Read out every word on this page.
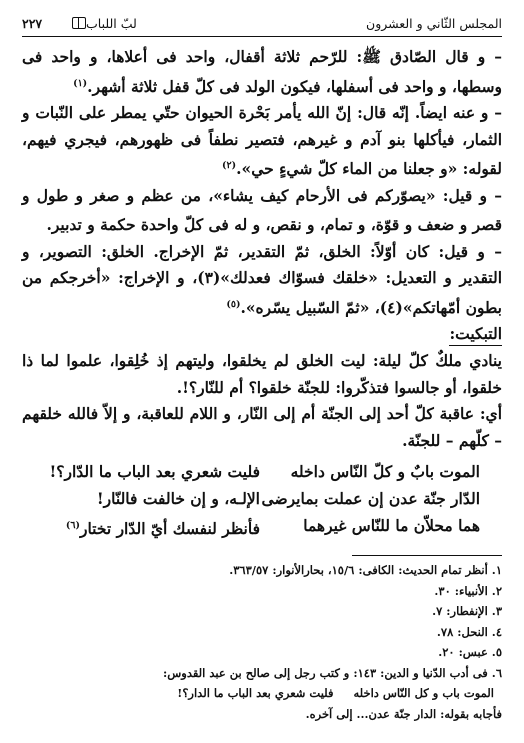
المجلس الثّاني و العشرون
لبّ اللباب
٢٢٧

– و قال الصّادق ﷺ: للرّحم ثلاثة أقفال، واحد فى أعلاها، و واحد فى وسطها، و واحد فى أسفلها، فيكون الولد فى كلّ قفل ثلاثة أشهر.$^{(١)}$

– و عنه ايضاً. إنّه قال: إنّ الله يأمر بَحْرة الحيوان حتّي يمطر على النّبات و الثمار، فيأكلها بنو آدم و غيرهم، فتصير نطفاً فى ظهورهم، فيجري فيهم، لقوله: «و جعلنا من الماء كلّ شيءٍ حي».$^{(٢)}$

– و قيل: «يصوّركم فى الأرحام كيف يشاء»، من عظم و صغر و طول و قصر و ضعف و قوّة، و تمام، و نقص، و له فى كلّ واحدة حكمة و تدبير.

– و قيل: كان أوّلاً: الخلق، ثمّ التقدير، ثمّ الإخراج. الخلق: التصوير، و التقدير و التعديل: «خلقك فسوّاك فعدلك»(٣)، و الإخراج: «أخرجكم من بطون أمّهاتكم»(٤)، «ثمّ السّبيل يسّره».$^{(٥)}$

التبكيت:

ينادي ملكٌ كلّ ليلة: ليت الخلق لم يخلقوا، وليتهم إذ خُلِقوا، علموا لما ذا خلقوا، أو جالسوا فتذكّروا: للجنّة خلقوا؟ أم للنّار؟!.

أي: عاقبة كلّ أحد إلى الجنّة أم إلى النّار، و اللام للعاقبة، و إلاّ فالله خلقهم – كلّهم – للجنّة.

الموت بابٌ و كلّ النّاس داخله
فليت شعري بعد الباب ما الدّار؟!
الدّار جنّة عدن إن عملت بمايرضى
الإلـه، و إن خالفت فالنّار!
هما محلاّن ما للنّاس غيرهما
فأنظر لنفسك أيّ الدّار تختار$^{(٦)}$

١. أنظر تمام الحديث: الكافى: ١٥/٦، بحارالأنوار: ٣٦٣/٥٧.

٢. الأنبياء: ٣٠.

٣. الإنفطار: ٧.

٤. النحل: ٧٨.

٥. عبس: ٢٠.

٦. فى أدب الدّنيا و الدين: ١٤٣: و كتب رجل إلى صالح بن عبد القدوس:

الموت باب و كل النّاس داخله
فليت شعري بعد الباب ما الدار؟!

فأجابه بقوله: الدار جنّة عدن... إلى آخره.
